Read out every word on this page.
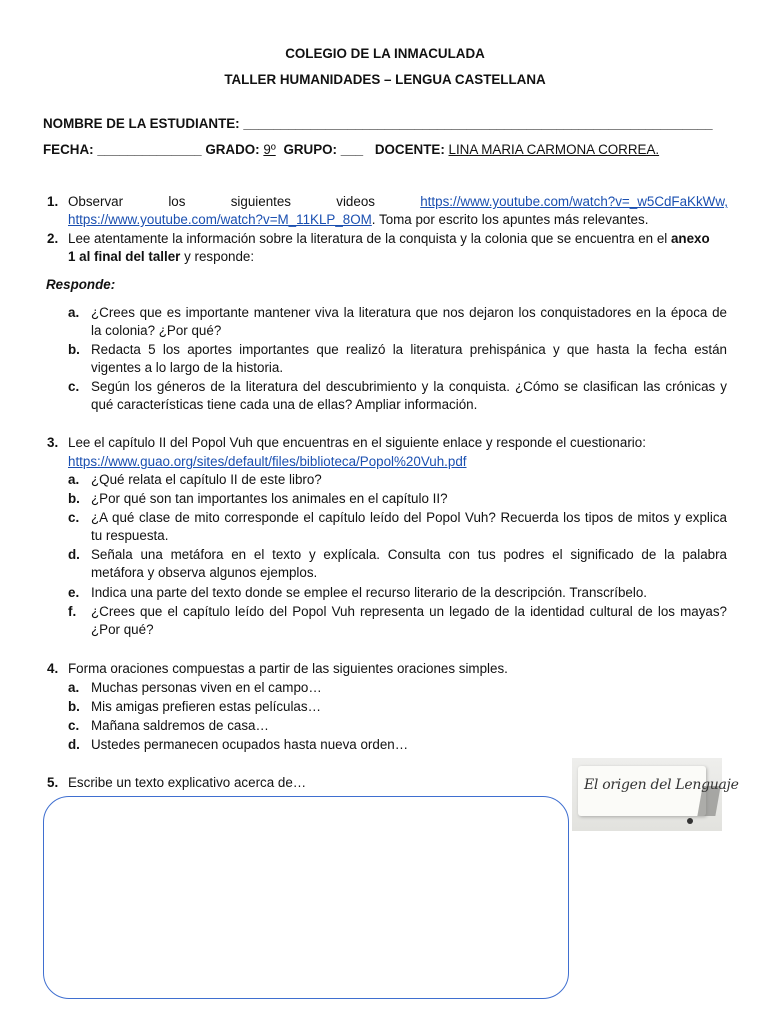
COLEGIO DE LA INMACULADA
TALLER HUMANIDADES – LENGUA CASTELLANA
NOMBRE DE LA ESTUDIANTE: _______________________________________________________________
FECHA: ______________ GRADO: 9º GRUPO: ___ DOCENTE: LINA MARIA CARMONA CORREA.
1. Observar	los	siguientes	videos	https://www.youtube.com/watch?v=_w5CdFaKkWw,
https://www.youtube.com/watch?v=M_11KLP_8OM. Toma por escrito los apuntes más relevantes.
2. Lee atentamente la información sobre la literatura de la conquista y la colonia que se encuentra en el anexo
1 al final del taller y responde:
Responde:
a. ¿Crees que es importante mantener viva la literatura que nos dejaron los conquistadores en la época de
la colonia? ¿Por qué?
b. Redacta 5 los aportes importantes que realizó la literatura prehispánica y que hasta la fecha están
vigentes a lo largo de la historia.
c. Según los géneros de la literatura del descubrimiento y la conquista. ¿Cómo se clasifican las crónicas y
qué características tiene cada una de ellas? Ampliar información.
3. Lee el capítulo II del Popol Vuh que encuentras en el siguiente enlace y responde el cuestionario:
https://www.guao.org/sites/default/files/biblioteca/Popol%20Vuh.pdf
a. ¿Qué relata el capítulo II de este libro?
b. ¿Por qué son tan importantes los animales en el capítulo II?
c. ¿A qué clase de mito corresponde el capítulo leído del Popol Vuh? Recuerda los tipos de mitos y explica
tu respuesta.
d. Señala una metáfora en el texto y explícala. Consulta con tus podres el significado de la palabra
metáfora y observa algunos ejemplos.
e. Indica una parte del texto donde se emplee el recurso literario de la descripción. Transcríbelo.
f. ¿Crees que el capítulo leído del Popol Vuh representa un legado de la identidad cultural de los mayas?
¿Por qué?
4. Forma oraciones compuestas a partir de las siguientes oraciones simples.
a. Muchas personas viven en el campo…
b. Mis amigas prefieren estas películas…
c. Mañana saldremos de casa…
d. Ustedes permanecen ocupados hasta nueva orden…
5. Escribe un texto explicativo acerca de…	El origen del Lenguaje
